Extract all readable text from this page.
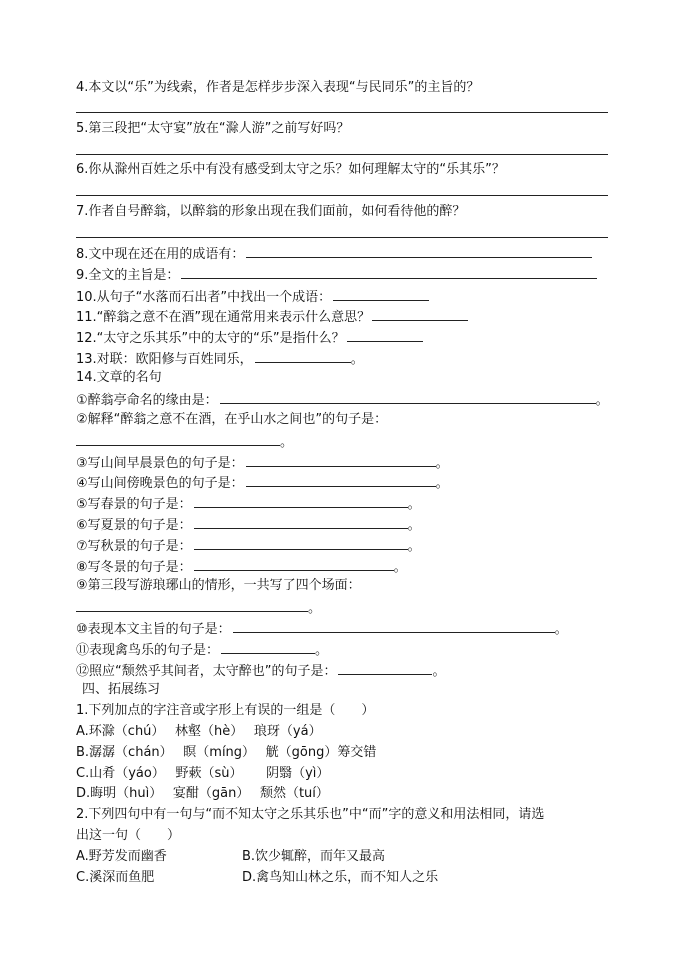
4.本文以“乐”为线索，作者是怎样步步深入表现“与民同乐”的主旨的？
5.第三段把“太守宴”放在“滁人游”之前写好吗？
6.你从滁州百姓之乐中有没有感受到太守之乐？如何理解太守的“乐其乐”？
7.作者自号醉翁，以醉翁的形象出现在我们面前，如何看待他的醉？
8.文中现在还在用的成语有：
9.全文的主旨是：
10.从句子“水落而石出者”中找出一个成语：
11.“醉翁之意不在酒”现在通常用来表示什么意思？
12.“太守之乐其乐”中的太守的“乐”是指什么？
13.对联：欧阳修与百姓同乐，	。
14.文章的名句
①醉翁亭命名的缘由是：	。
②解释“醉翁之意不在酒，在乎山水之间也”的句子是：
。
③写山间早晨景色的句子是：	。
④写山间傍晚景色的句子是：	。
⑤写春景的句子是：	。
⑥写夏景的句子是：	。
⑦写秋景的句子是：	。
⑧写冬景的句子是：	。
⑨第三段写游琅琊山的情形，一共写了四个场面：
。
⑩表现本文主旨的句子是：	。
⑪表现禽鸟乐的句子是：	。
⑫照应“颓然乎其间者，太守醉也”的句子是：	。
四、拓展练习
1.下列加点的字注音或字形上有误的一组是（　　）
A.环滁（chú）　 林壑（hè）　 琅玡（yá）
B.潺潺（chán）　 瞑（míng）　 觥（gōng）筹交错
C.山肴（yáo）　 野蔌（sù）　　 阴翳（yì）
D.晦明（huì）　 宴酣（gān）　 颓然（tuí）
2.下列四句中有一句与“而不知太守之乐其乐也”中“而”字的意义和用法相同，请选
出这一句（　　）
A.野芳发而幽香	B.饮少辄醉，而年又最高
C.溪深而鱼肥	D.禽鸟知山林之乐，而不知人之乐
